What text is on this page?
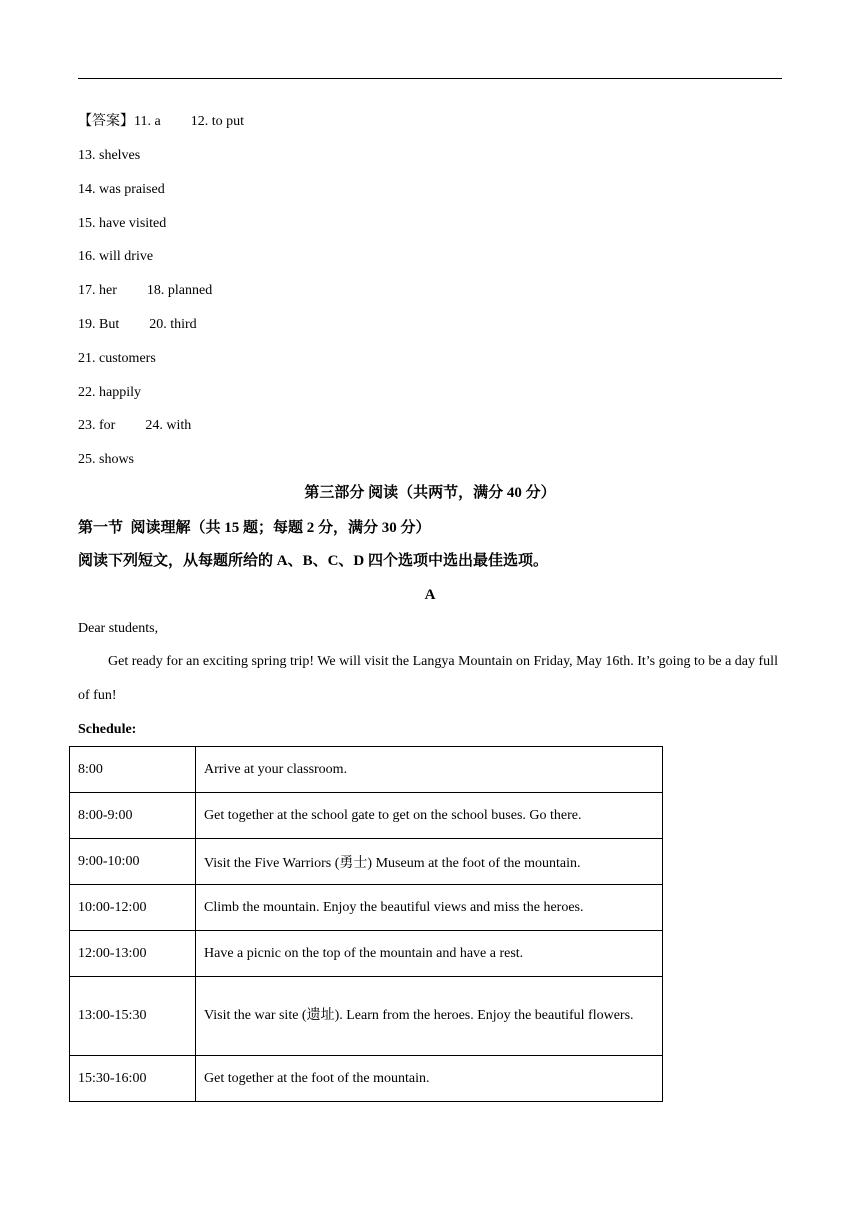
【答案】11. a 12. to put
13. shelves
14. was praised
15. have visited
16. will drive
17. her 18. planned
19. But 20. third
21. customers
22. happily
23. for 24. with
25. shows
第三部分 阅读（共两节，满分 40 分）
第一节  阅读理解（共 15 题；每题 2 分，满分 30 分）
阅读下列短文，从每题所给的 A、B、C、D 四个选项中选出最佳选项。
A
Dear students,
Get ready for an exciting spring trip! We will visit the Langya Mountain on Friday, May 16th. It’s going to be a day full of fun!
Schedule:
8:00	Arrive at your classroom.
8:00-9:00	Get together at the school gate to get on the school buses. Go there.
9:00-10:00	Visit the Five Warriors (勇士) Museum at the foot of the mountain.
10:00-12:00	Climb the mountain. Enjoy the beautiful views and miss the heroes.
12:00-13:00	Have a picnic on the top of the mountain and have a rest.
13:00-15:30	Visit the war site (遗址). Learn from the heroes. Enjoy the beautiful flowers.

15:30-16:00	Get together at the foot of the mountain.
